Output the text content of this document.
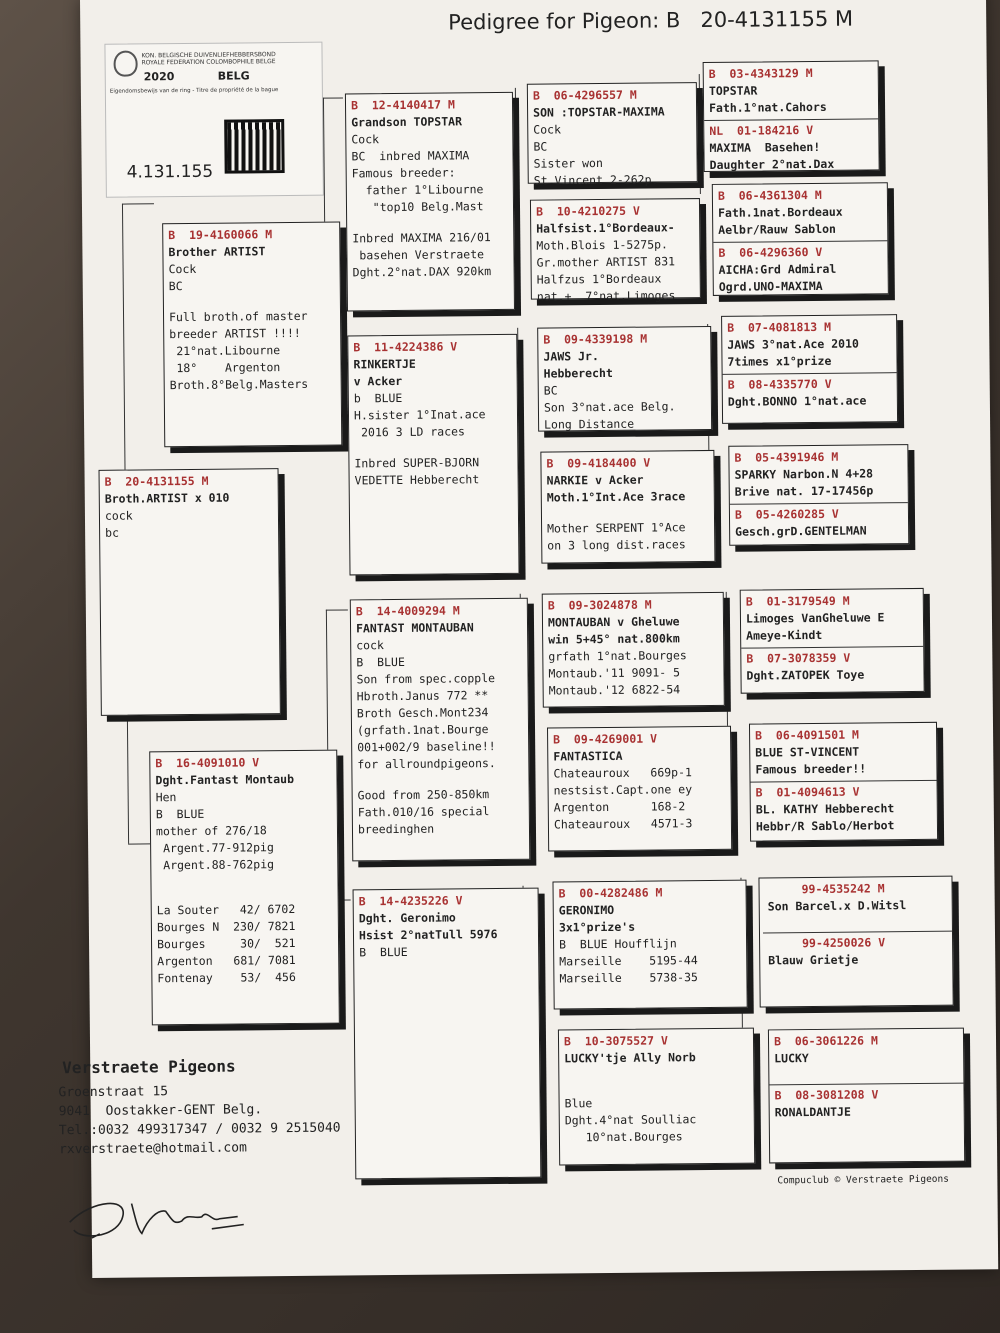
KON. BELGISCHE DUIVENLIEFHEBBERSBOND
ROYALE FEDERATION COLOMBOPHILE BELGE
2020	BELG
Eigendomsbewijs van de ring - Titre de propriété de la bague
4.131.155
Pedigree for Pigeon: B   20-4131155 M
B  20-4131155 M
Broth.ARTIST x 010
cock
bc
B  19-4160066 M
Brother ARTIST
Cock
BC
Full broth.of master
breeder ARTIST !!!!
21°nat.Libourne
18°    Argenton
Broth.8°Belg.Masters
B  16-4091010 V
Dght.Fantast Montaub
Hen
B  BLUE
mother of 276/18
Argent.77-912pig
Argent.88-762pig
La Souter   42/ 6702
Bourges N  230/ 7821
Bourges     30/  521
Argenton   681/ 7081
Fontenay    53/  456
B  12-4140417 M
Grandson TOPSTAR
Cock
BC  inbred MAXIMA
Famous breeder:
father 1°Libourne
"top10 Belg.Mast
Inbred MAXIMA 216/01
basehen Verstraete
Dght.2°nat.DAX 920km
B  11-4224386 V
RINKERTJE
v Acker
b  BLUE
H.sister 1°Inat.ace
2016 3 LD races
Inbred SUPER-BJORN
VEDETTE Hebberecht
B  14-4009294 M
FANTAST MONTAUBAN
cock
B  BLUE
Son from spec.copple
Hbroth.Janus 772 **
Broth Gesch.Mont234
(grfath.1nat.Bourge
001+002/9 baseline!!
for allroundpigeons.
Good from 250-850km
Fath.010/16 special
breedinghen
B  14-4235226 V
Dght. Geronimo
Hsist 2°natTull 5976
B  BLUE
B  06-4296557 M
SON :TOPSTAR-MAXIMA
Cock
BC
Sister won
St Vincent 2-262p.
B  10-4210275 V
Halfsist.1°Bordeaux-
Moth.Blois 1-5275p.
Gr.mother ARTIST 831
Halfzus 1°Bordeaux
nat.+  7°nat.Limoges
B  09-4339198 M
JAWS Jr.
Hebberecht
BC
Son 3°nat.ace Belg.
Long Distance
B  09-4184400 V
NARKIE v Acker
Moth.1°Int.Ace 3race
Mother SERPENT 1°Ace
on 3 long dist.races
B  09-3024878 M
MONTAUBAN v Gheluwe
win 5+45° nat.800km
grfath 1°nat.Bourges
Montaub.'11 9091- 5
Montaub.'12 6822-54
B  09-4269001 V
FANTASTICA
Chateauroux   669p-1
nestsist.Capt.one ey
Argenton      168-2
Chateauroux   4571-3
B  00-4282486 M
GERONIMO
3x1°prize's
B  BLUE Houfflijn
Marseille    5195-44
Marseille    5738-35
B  10-3075527 V
LUCKY'tje Ally Norb
Blue
Dght.4°nat Soulliac
10°nat.Bourges
B  03-4343129 M
TOPSTAR
Fath.1°nat.Cahors
NL  01-184216 V
MAXIMA  Basehen!
Daughter 2°nat.Dax
B  06-4361304 M
Fath.1nat.Bordeaux
Aelbr/Rauw Sablon
B  06-4296360 V
AICHA:Grd Admiral
Ogrd.UNO-MAXIMA
B  07-4081813 M
JAWS 3°nat.Ace 2010
7times x1°prize
B  08-4335770 V
Dght.BONNO 1°nat.ace
B  05-4391946 M
SPARKY Narbon.N 4+28
Brive nat. 17-17456p
B  05-4260285 V
Gesch.grD.GENTELMAN
B  01-3179549 M
Limoges VanGheluwe E
Ameye-Kindt
B  07-3078359 V
Dght.ZATOPEK Toye
B  06-4091501 M
BLUE ST-VINCENT
Famous breeder!!
B  01-4094613 V
BL. KATHY Hebberecht
Hebbr/R Sablo/Herbot
99-4535242 M
Son Barcel.x D.Witsl
99-4250026 V
Blauw Grietje
B  06-3061226 M
LUCKY
B  08-3081208 V
RONALDANTJE
Verstraete Pigeons
Groenstraat 15
9041  Oostakker-GENT Belg.
Tel.:0032 499317347 / 0032 9 2515040
rxverstraete@hotmail.com
Compuclub © Verstraete Pigeons
